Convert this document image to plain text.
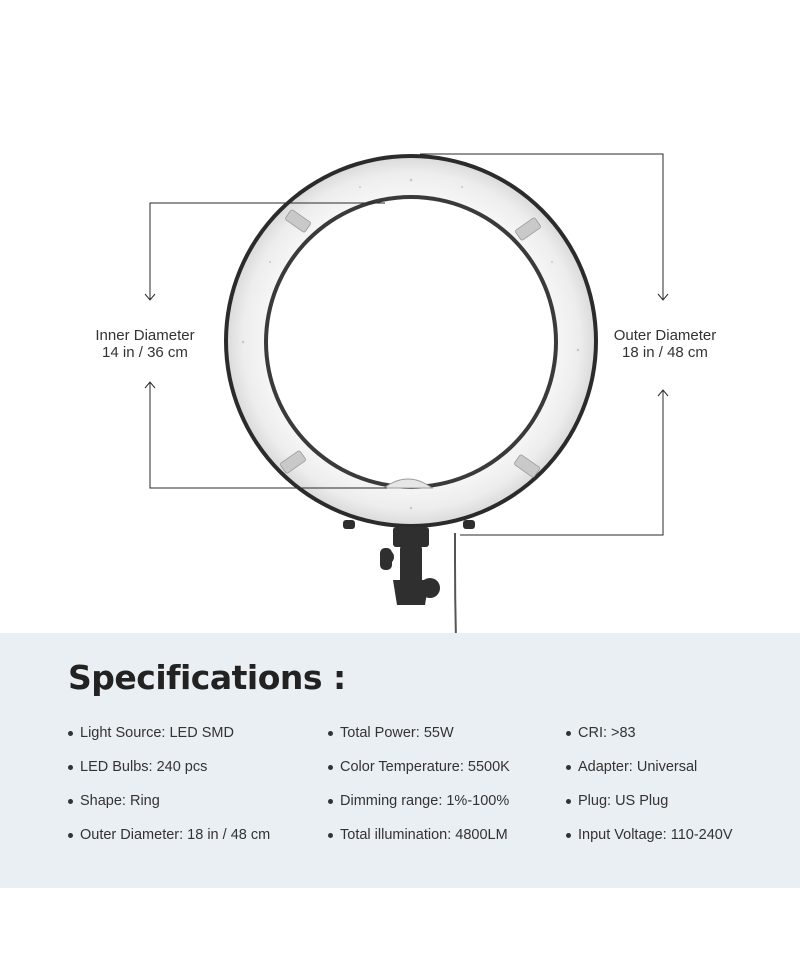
Inner Diameter
14 in / 36 cm
Outer Diameter
18 in / 48 cm
Specifications :
Light Source: LED SMD
LED Bulbs: 240 pcs
Shape: Ring
Outer Diameter: 18 in / 48 cm
Total Power: 55W
Color Temperature: 5500K
Dimming range: 1%-100%
Total illumination: 4800LM
CRI: >83
Adapter: Universal
Plug: US Plug
Input Voltage: 110-240V
